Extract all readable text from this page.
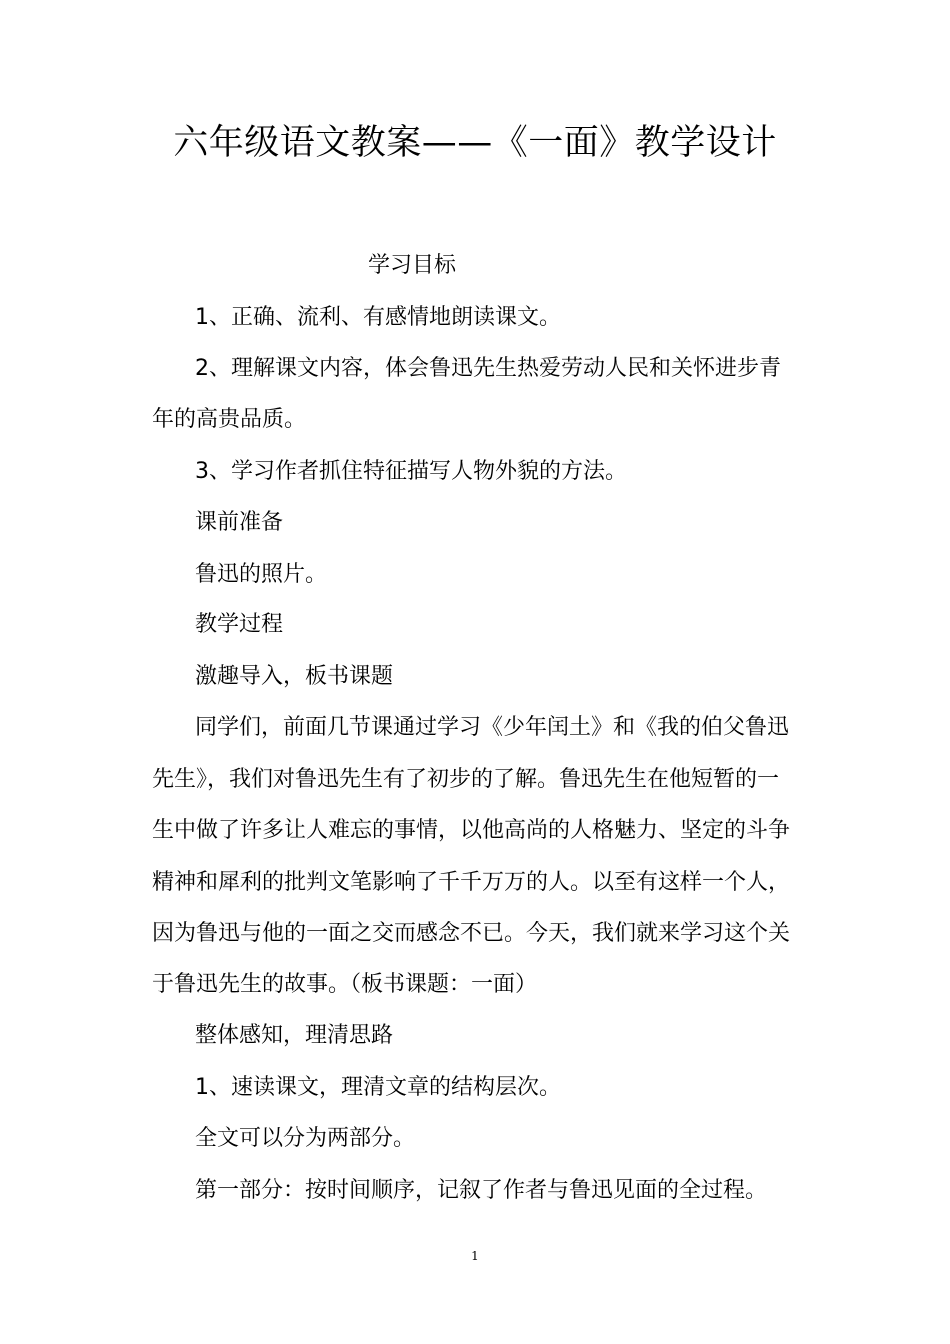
六年级语文教案——《一面》教学设计
学习目标
1、正确、流利、有感情地朗读课文。
2、理解课文内容，体会鲁迅先生热爱劳动人民和关怀进步青
年的高贵品质。
3、学习作者抓住特征描写人物外貌的方法。
课前准备
鲁迅的照片。
教学过程
激趣导入，板书课题
同学们，前面几节课通过学习《少年闰土》和《我的伯父鲁迅
先生》，我们对鲁迅先生有了初步的了解。鲁迅先生在他短暂的一
生中做了许多让人难忘的事情，以他高尚的人格魅力、坚定的斗争
精神和犀利的批判文笔影响了千千万万的人。以至有这样一个人，
因为鲁迅与他的一面之交而感念不已。今天，我们就来学习这个关
于鲁迅先生的故事。（板书课题：一面）
整体感知，理清思路
1、速读课文，理清文章的结构层次。
全文可以分为两部分。
第一部分：按时间顺序，记叙了作者与鲁迅见面的全过程。
1
